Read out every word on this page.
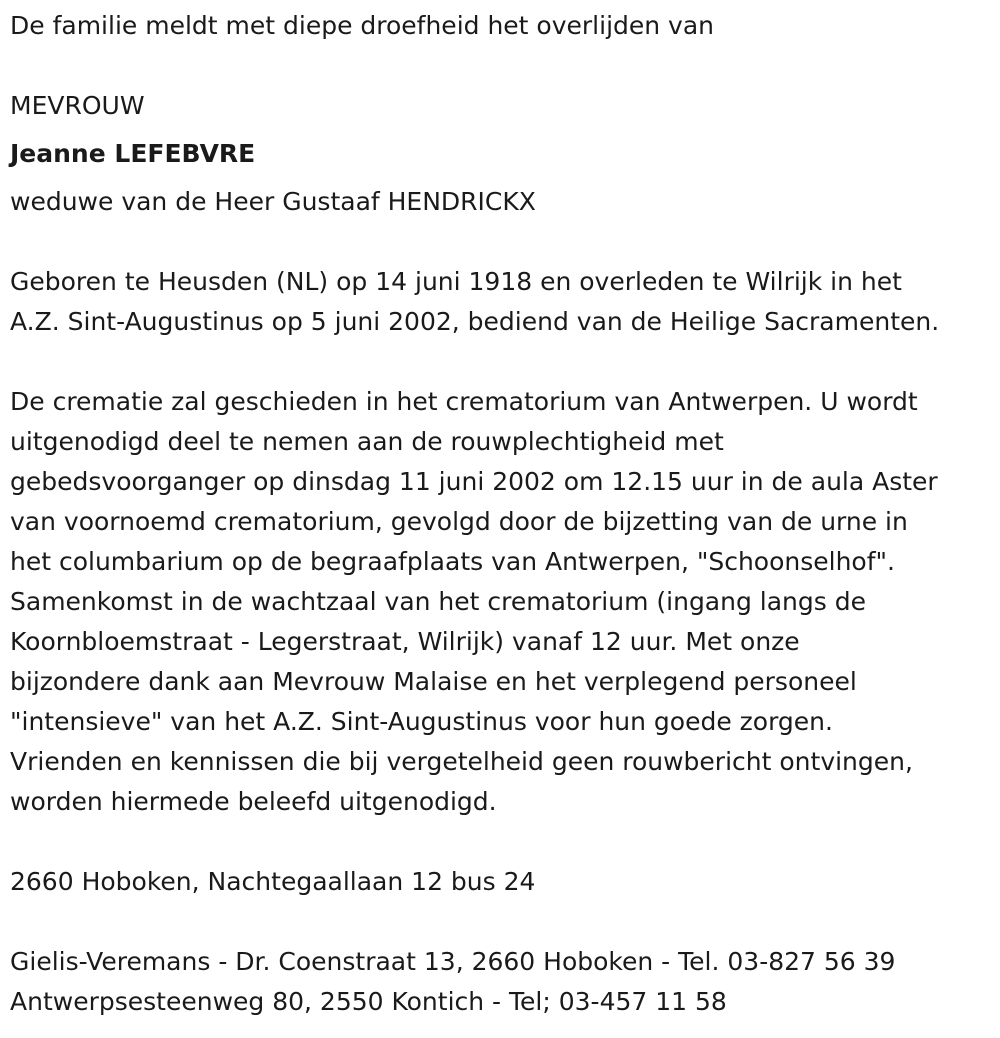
De familie meldt met diepe droefheid het overlijden van
MEVROUW
Jeanne LEFEBVRE
weduwe van de Heer Gustaaf HENDRICKX
Geboren te Heusden (NL) op 14 juni 1918 en overleden te Wilrijk in het
A.Z. Sint-Augustinus op 5 juni 2002, bediend van de Heilige Sacramenten.
De crematie zal geschieden in het crematorium van Antwerpen. U wordt
uitgenodigd deel te nemen aan de rouwplechtigheid met
gebedsvoorganger op dinsdag 11 juni 2002 om 12.15 uur in de aula Aster
van voornoemd crematorium, gevolgd door de bijzetting van de urne in
het columbarium op de begraafplaats van Antwerpen, "Schoonselhof".
Samenkomst in de wachtzaal van het crematorium (ingang langs de
Koornbloemstraat - Legerstraat, Wilrijk) vanaf 12 uur. Met onze
bijzondere dank aan Mevrouw Malaise en het verplegend personeel
"intensieve" van het A.Z. Sint-Augustinus voor hun goede zorgen.
Vrienden en kennissen die bij vergetelheid geen rouwbericht ontvingen,
worden hiermede beleefd uitgenodigd.
2660 Hoboken, Nachtegaallaan 12 bus 24
Gielis-Veremans - Dr. Coenstraat 13, 2660 Hoboken - Tel. 03-827 56 39
Antwerpsesteenweg 80, 2550 Kontich - Tel; 03-457 11 58
